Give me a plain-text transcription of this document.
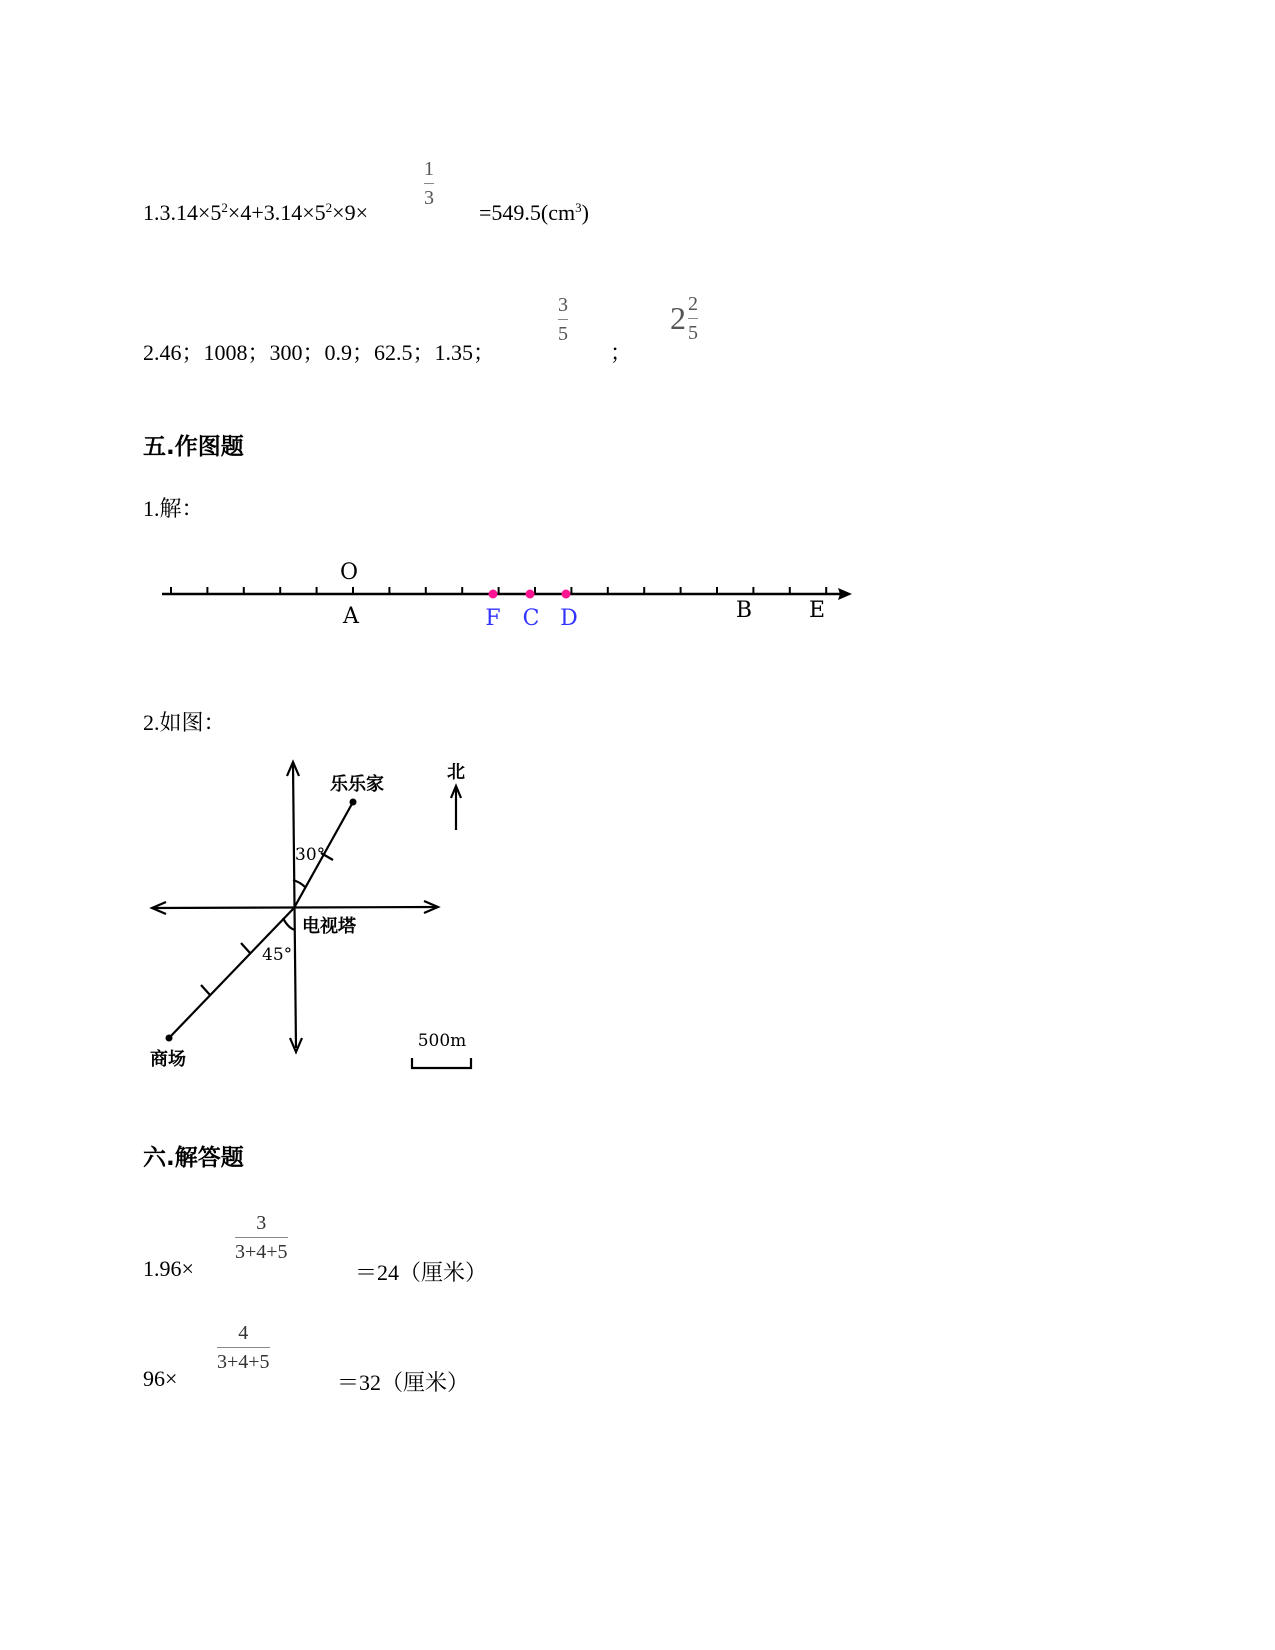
$1.3.14\times 5^2\times 4+3.14\times 5^2\times 9\times$
1
3
$=549.5(cm^3)$
2.46；1008；300；0.9；62.5；1.35；
3
5
；
$2 \frac{2}{5}$
五.作图题
1.解：
O
A	F C D	B	E
2.如图：
北
乐乐家
30°
电视塔
45°
商场
500m
六.解答题
1.96×
3
3+4+5
＝24（厘米）
96×
4
3+4+5
＝32（厘米）
